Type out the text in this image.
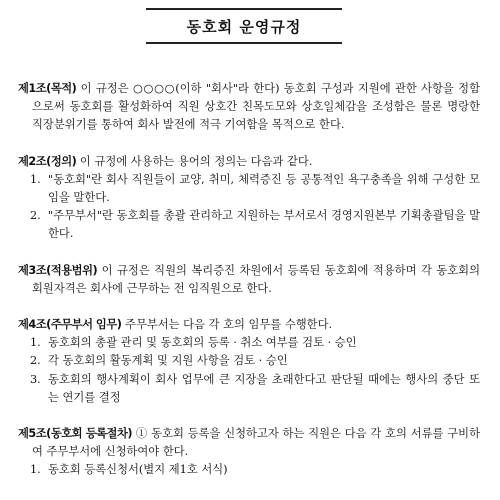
동호회 운영규정
제1조(목적) 이 규정은 ○○○○(이하 "회사"라 한다) 동호회 구성과 지원에 관한 사항을 정함으로써 동호회를 활성화하여 직원 상호간 친목도모와 상호일체감을 조성함은 물론 명랑한 직장분위기를 통하여 회사 발전에 적극 기여함을 목적으로 한다.
제2조(정의) 이 규정에 사용하는 용어의 정의는 다음과 같다.
1. "동호회"란 회사 직원들이 교양, 취미, 체력증진 등 공통적인 욕구충족을 위해 구성한 모임을 말한다.
2. "주무부서"란 동호회를 총괄 관리하고 지원하는 부서로서 경영지원본부 기획총괄팀을 말한다.
제3조(적용범위) 이 규정은 직원의 복리증진 차원에서 등록된 동호회에 적용하며 각 동호회의 회원자격은 회사에 근무하는 전 임직원으로 한다.
제4조(주무부서 임무) 주무부서는 다음 각 호의 임무를 수행한다.
1. 동호회의 총괄 관리 및 동호회의 등록 · 취소 여부를 검토 · 승인
2. 각 동호회의 활동계획 및 지원 사항을 검토 · 승인
3. 동호회의 행사계획이 회사 업무에 큰 지장을 초래한다고 판단될 때에는 행사의 중단 또는 연기를 결정
제5조(동호회 등록절차) ① 동호회 등록을 신청하고자 하는 직원은 다음 각 호의 서류를 구비하여 주무부서에 신청하여야 한다.
1. 동호회 등록신청서(별지 제1호 서식)
